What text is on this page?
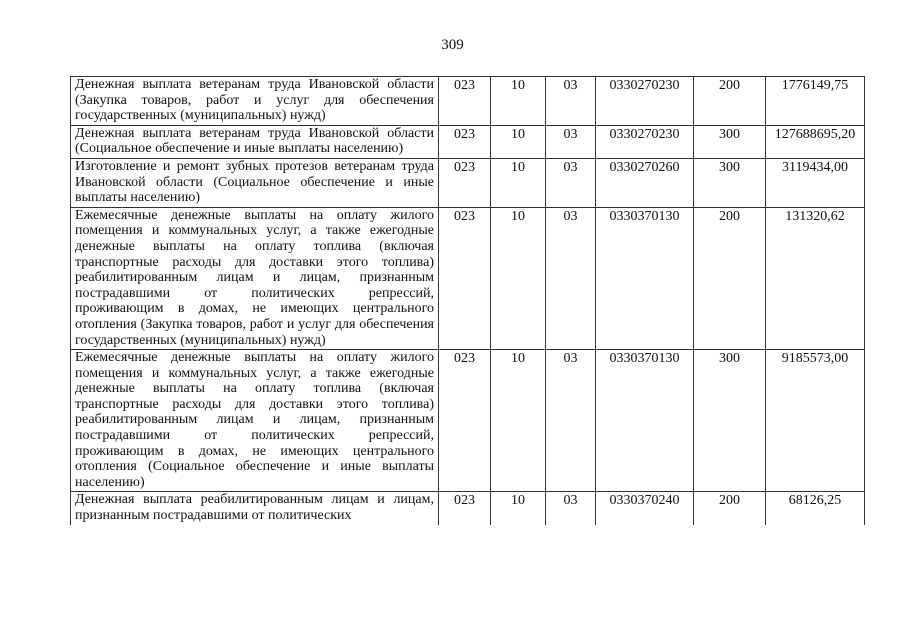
309
Денежная выплата ветеранам труда Ивановской области (Закупка товаров, работ и услуг для обеспечения государственных (муниципальных) нужд)	023	10	03	0330270230	200	1776149,75
Денежная выплата ветеранам труда Ивановской области (Социальное обеспечение и иные выплаты населению)	023	10	03	0330270230	300	127688695,20
Изготовление и ремонт зубных протезов ветеранам труда Ивановской области (Социальное обеспечение и иные выплаты населению)	023	10	03	0330270260	300	3119434,00
Ежемесячные денежные выплаты на оплату жилого помещения и коммунальных услуг, а также ежегодные денежные выплаты на оплату топлива (включая транспортные расходы для доставки этого топлива) реабилитированным лицам и лицам, признанным пострадавшими от политических репрессий, проживающим в домах, не имеющих центрального отопления (Закупка товаров, работ и услуг для обеспечения государственных (муниципальных) нужд)	023	10	03	0330370130	200	131320,62
Ежемесячные денежные выплаты на оплату жилого помещения и коммунальных услуг, а также ежегодные денежные выплаты на оплату топлива (включая транспортные расходы для доставки этого топлива) реабилитированным лицам и лицам, признанным пострадавшими от политических репрессий, проживающим в домах, не имеющих центрального отопления (Социальное обеспечение и иные выплаты населению)	023	10	03	0330370130	300	9185573,00
Денежная выплата реабилитированным лицам и лицам, признанным пострадавшими от политических	023	10	03	0330370240	200	68126,25
